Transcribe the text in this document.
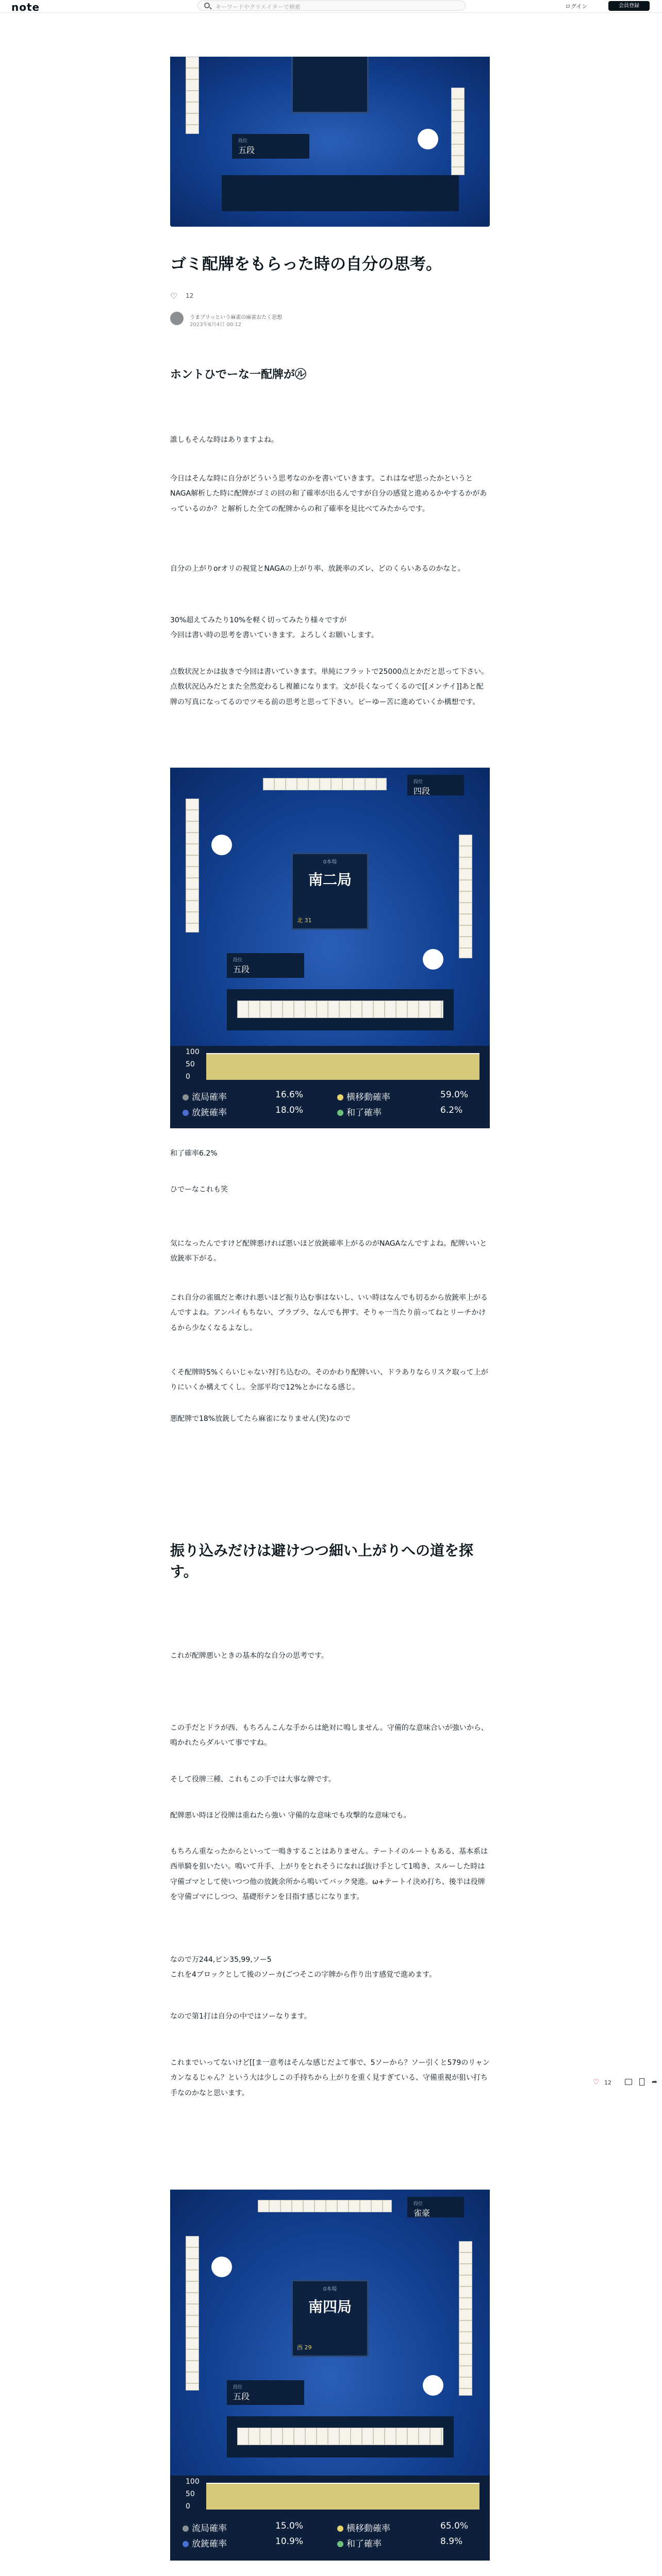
note	キーワードやクリエイターで検索	ログイン	会員登録
段位
五段
ゴミ配牌をもらった時の自分の思考。
♡ 12
うまプリっという麻雀の麻雀おたく思想
2023年6月4日 00:12
ホントひでーな一配牌が㋸
誰しもそんな時はありますよね。
今日はそんな時に自分がどういう思考なのかを書いていきます。これはなぜ思ったかというとNAGA解析した時に配牌がゴミの回の和了確率が出るんですが自分の感覚と進めるかやするかがあっているのか？と解析した全ての配牌からの和了確率を見比べてみたからです。
自分の上がりorオリの視覚とNAGAの上がり率、放銃率のズレ、どのくらいあるのかなと。
30%超えてみたり10%を軽く切ってみたり様々ですが
今回は書い時の思考を書いていきます。よろしくお願いします。
点数状況とかは抜きで今回は書いていきます。単純にフラットで25000点とかだと思って下さい。点数状況込みだとまた全然変わるし複雑になります。文が長くなってくるので[[メンチイ]]あと配牌の写真になってるのでツモる前の思考と思って下さい。ピーゆー苦に進めていくか構想です。
段位
四段
0本場
南二局
北 31
段位
五段
100
50
0
流局確率	16.6%	横移動確率	59.0%
放銃確率	18.0%	和了確率	6.2%
和了確率6.2%
ひでーなこれも笑
気になったんですけど配牌悪ければ悪いほど放銃確率上がるのがNAGAなんですよね。配牌いいと放銃率下がる。
これ自分の雀風だと牽けれ悪いほど振り込む事はないし、いい時はなんでも切るから放銃率上がるんですよね。アンパイもちない、ブラブラ、なんでも押す。そりゃ一当たり前ってねとリーチかけるから少なくなるよなし。
くそ配牌時5%くらいじゃない?打ち込むの。そのかわり配牌いい、ドラありならリスク取って上がりにいくか構えてくし。全部平均で12%とかになる感じ。
悪配牌で18%放銃してたら麻雀になりません(笑)なので
振り込みだけは避けつつ細い上がりへの道を探す。
これが配牌悪いときの基本的な自分の思考です。
この手だとドラが西、もちろんこんな手からは絶対に鳴しません。守備的な意味合いが強いから、鳴かれたらダルいて事ですね。
そして役牌三種、これもこの手では大事な牌です。
配牌悪い時ほど役牌は重ねたら強い 守備的な意味でも攻撃的な意味でも。
もちろん重なったからといって一鳴きすることはありません。テートイのルートもある、基本系は西単騎を狙いたい。鳴いて升手、上がりをとれそうになれば抜け手として1鳴き、スルーした時は守備ゴマとして使いつつ他の放銃余所から鳴いてバック発進。ω+テートイ決め打ち、後半は役牌を守備ゴマにしつつ、基礎形テンを目指す感じになります。
なので万244,ピン35,99,ソー5
これを4ブロックとして後のソーカ(ごつそこの字牌から作り出す感覚で進めます。
なので第1打は自分の中ではソーなります。
これまでいってないけど[[ま一意考はそんな感じだよて事で、5ソーから？ソー引くと579のリャンカンなるじゃん？という大は少しこの手持ちから上がりを重く見すぎている、守備重視が狙い打ち手なのかなと思います。
♡ 12	➦
段位
雀豪
0本場
南四局
西 29
段位
五段
100
50
0
流局確率	15.0%	横移動確率	65.0%
放銃確率	10.9%	和了確率	8.9%
